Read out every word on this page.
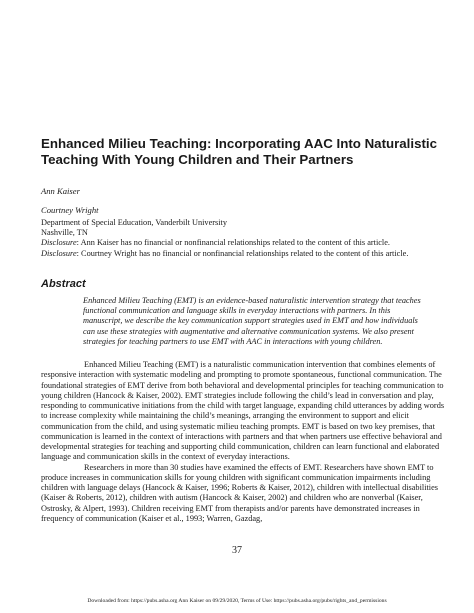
Enhanced Milieu Teaching: Incorporating AAC Into Naturalistic Teaching With Young Children and Their Partners

Ann Kaiser

Courtney Wright

Department of Special Education, Vanderbilt University

Nashville, TN

Disclosure: Ann Kaiser has no financial or nonfinancial relationships related to the content of this article.

Disclosure: Courtney Wright has no financial or nonfinancial relationships related to the content of this article.

Abstract

Enhanced Milieu Teaching (EMT) is an evidence-based naturalistic intervention strategy that teaches functional communication and language skills in everyday interactions with partners. In this manuscript, we describe the key communication support strategies used in EMT and how individuals can use these strategies with augmentative and alternative communication systems. We also present strategies for teaching partners to use EMT with AAC in interactions with young children.

Enhanced Milieu Teaching (EMT) is a naturalistic communication intervention that combines elements of responsive interaction with systematic modeling and prompting to promote spontaneous, functional communication. The foundational strategies of EMT derive from both behavioral and developmental principles for teaching communication to young children (Hancock & Kaiser, 2002). EMT strategies include following the child’s lead in conversation and play, responding to communicative initiations from the child with target language, expanding child utterances by adding words to increase complexity while maintaining the child’s meanings, arranging the environment to support and elicit communication from the child, and using systematic milieu teaching prompts. EMT is based on two key premises, that communication is learned in the context of interactions with partners and that when partners use effective behavioral and developmental strategies for teaching and supporting child communication, children can learn functional and elaborated language and communication skills in the context of everyday interactions.

Researchers in more than 30 studies have examined the effects of EMT. Researchers have shown EMT to produce increases in communication skills for young children with significant communication impairments including children with language delays (Hancock & Kaiser, 1996; Roberts & Kaiser, 2012), children with intellectual disabilities (Kaiser & Roberts, 2012), children with autism (Hancock & Kaiser, 2002) and children who are nonverbal (Kaiser, Ostrosky, & Alpert, 1993). Children receiving EMT from therapists and/or parents have demonstrated increases in frequency of communication (Kaiser et al., 1993; Warren, Gazdag,

37

Downloaded from: https://pubs.asha.org Ann Kaiser on 09/29/2020, Terms of Use: https://pubs.asha.org/pubs/rights_and_permissions
